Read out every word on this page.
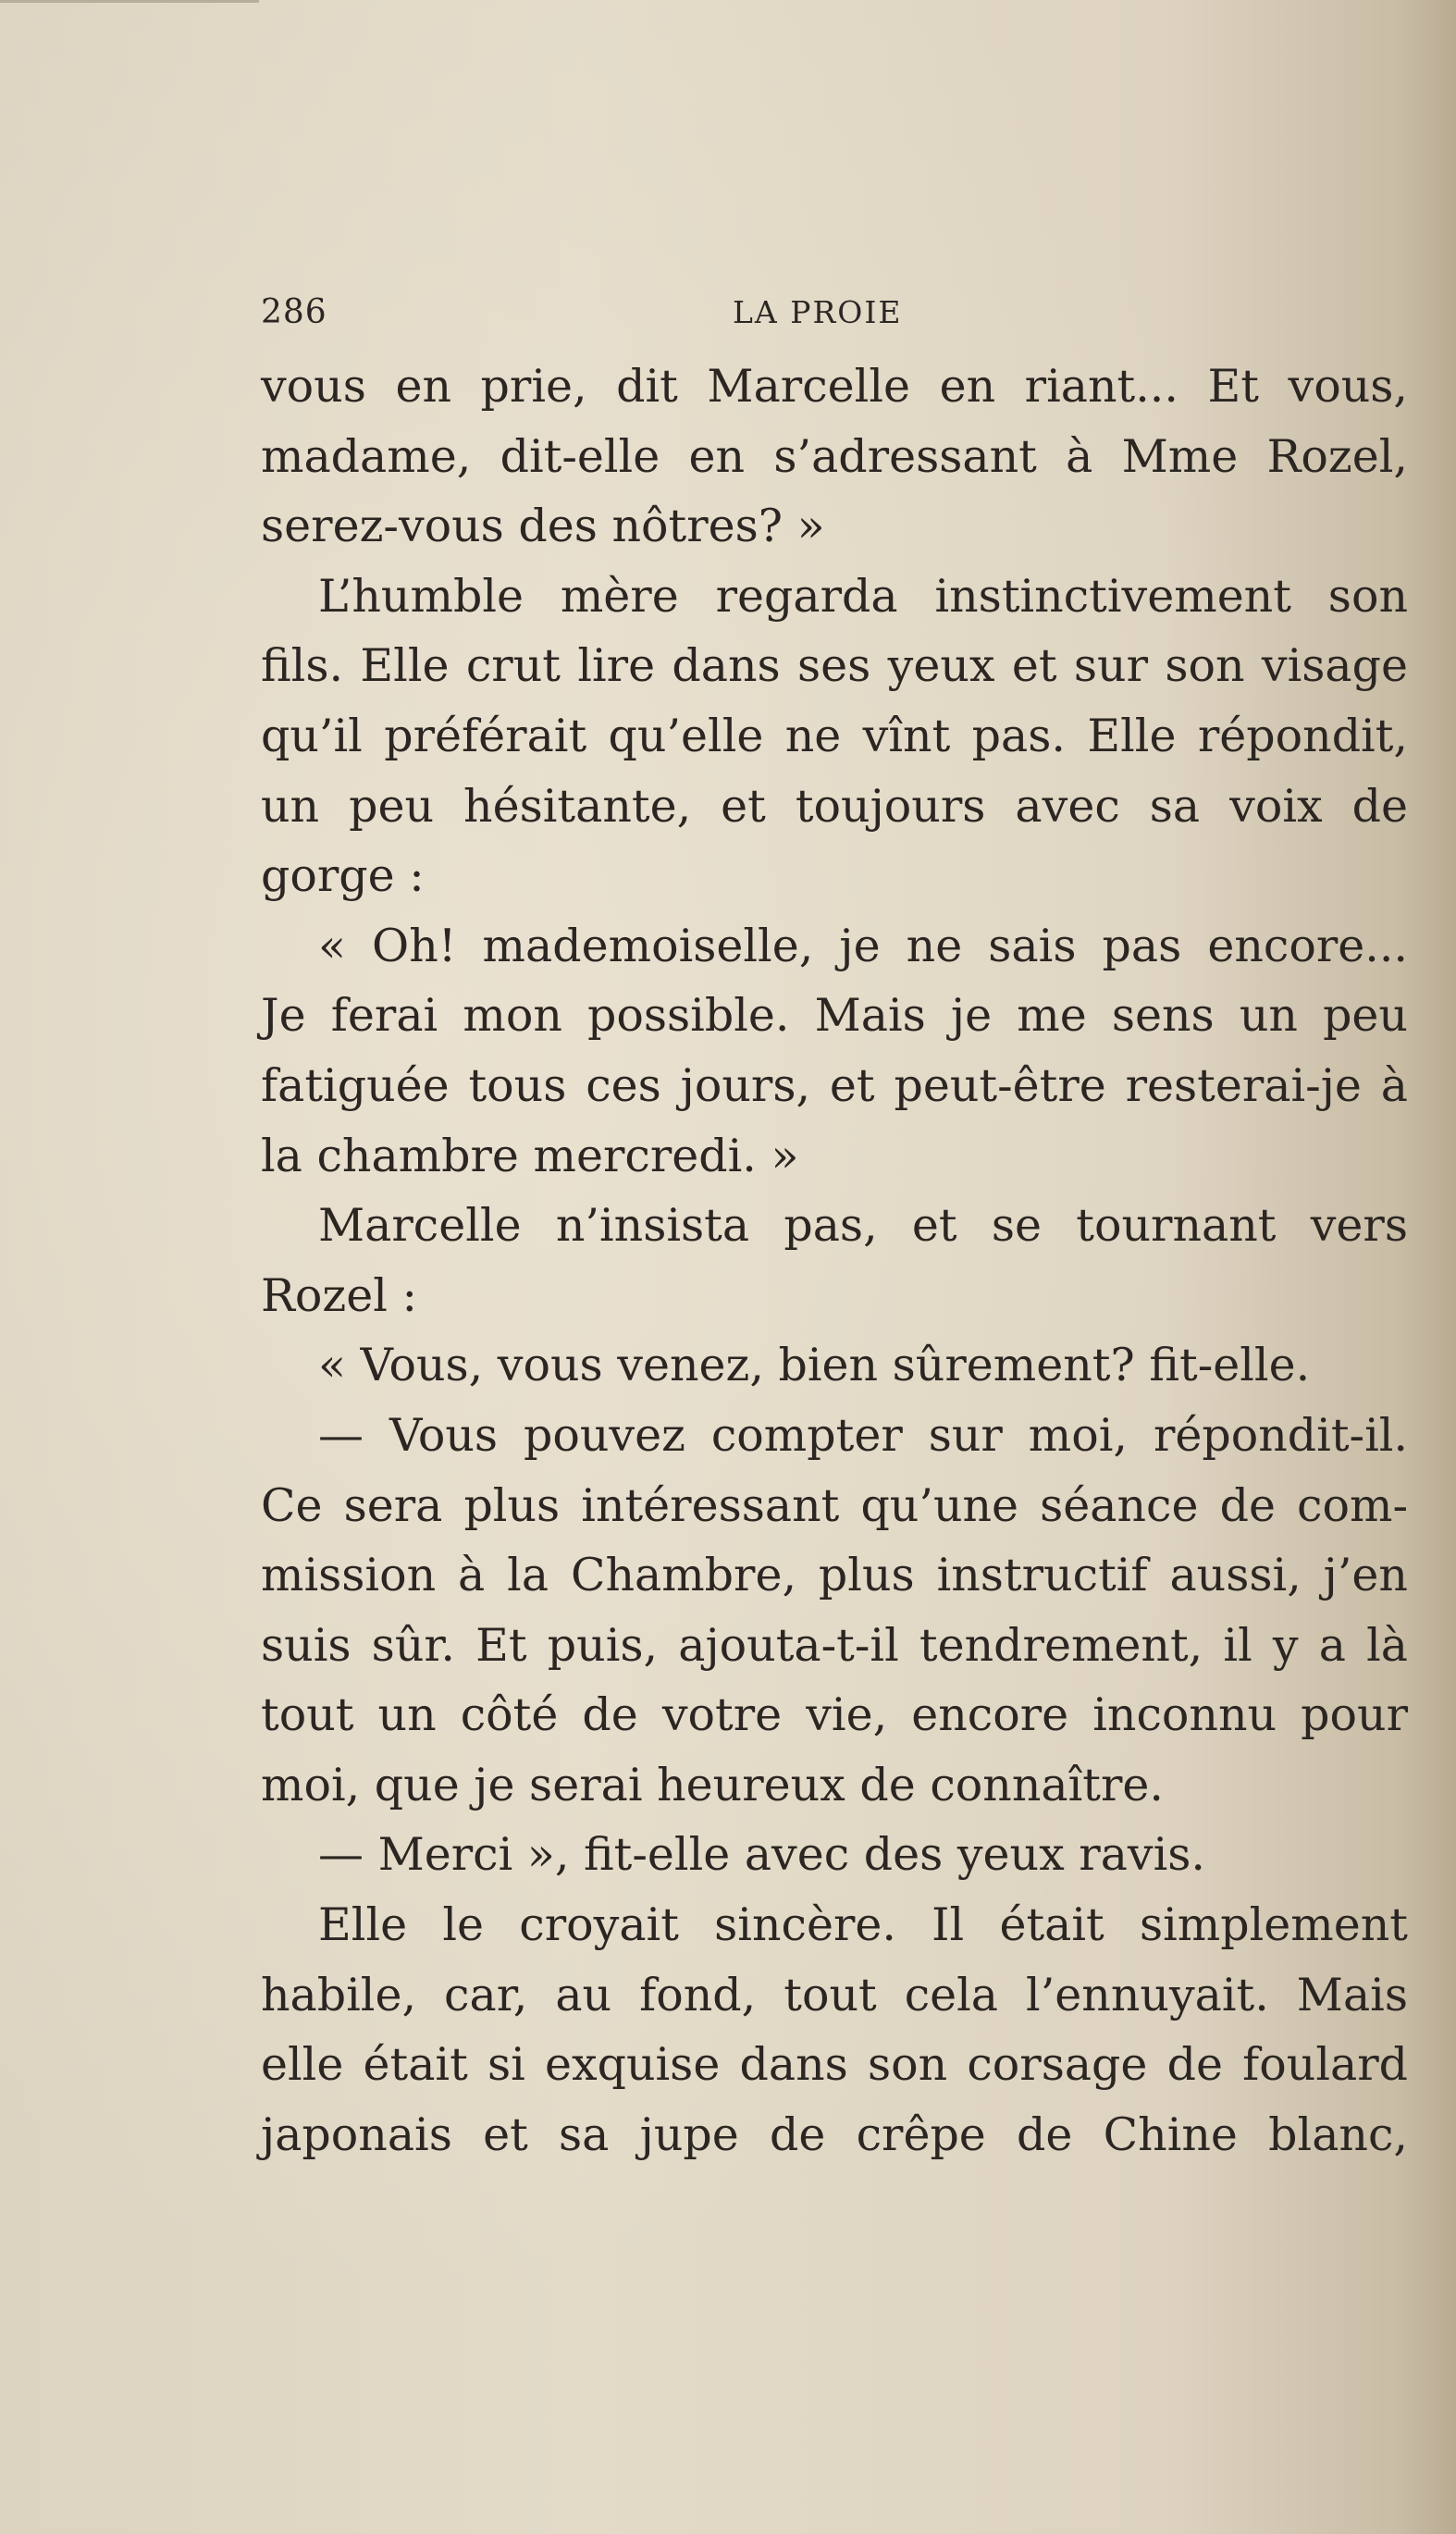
286	LA PROIE
vous en prie, dit Marcelle en riant... Et vous,
madame, dit-elle en s’adressant à Mme Rozel,
serez-vous des nôtres? »
L’humble mère regarda instinctivement son
fils. Elle crut lire dans ses yeux et sur son visage
qu’il préférait qu’elle ne vînt pas. Elle répondit,
un peu hésitante, et toujours avec sa voix de
gorge :
« Oh! mademoiselle, je ne sais pas encore...
Je ferai mon possible. Mais je me sens un peu
fatiguée tous ces jours, et peut-être resterai-je à
la chambre mercredi. »
Marcelle n’insista pas, et se tournant vers
Rozel :
« Vous, vous venez, bien sûrement? fit-elle.
— Vous pouvez compter sur moi, répondit-il.
Ce sera plus intéressant qu’une séance de com-
mission à la Chambre, plus instructif aussi, j’en
suis sûr. Et puis, ajouta-t-il tendrement, il y a là
tout un côté de votre vie, encore inconnu pour
moi, que je serai heureux de connaître.
— Merci », fit-elle avec des yeux ravis.
Elle le croyait sincère. Il était simplement
habile, car, au fond, tout cela l’ennuyait. Mais
elle était si exquise dans son corsage de foulard
japonais et sa jupe de crêpe de Chine blanc,
